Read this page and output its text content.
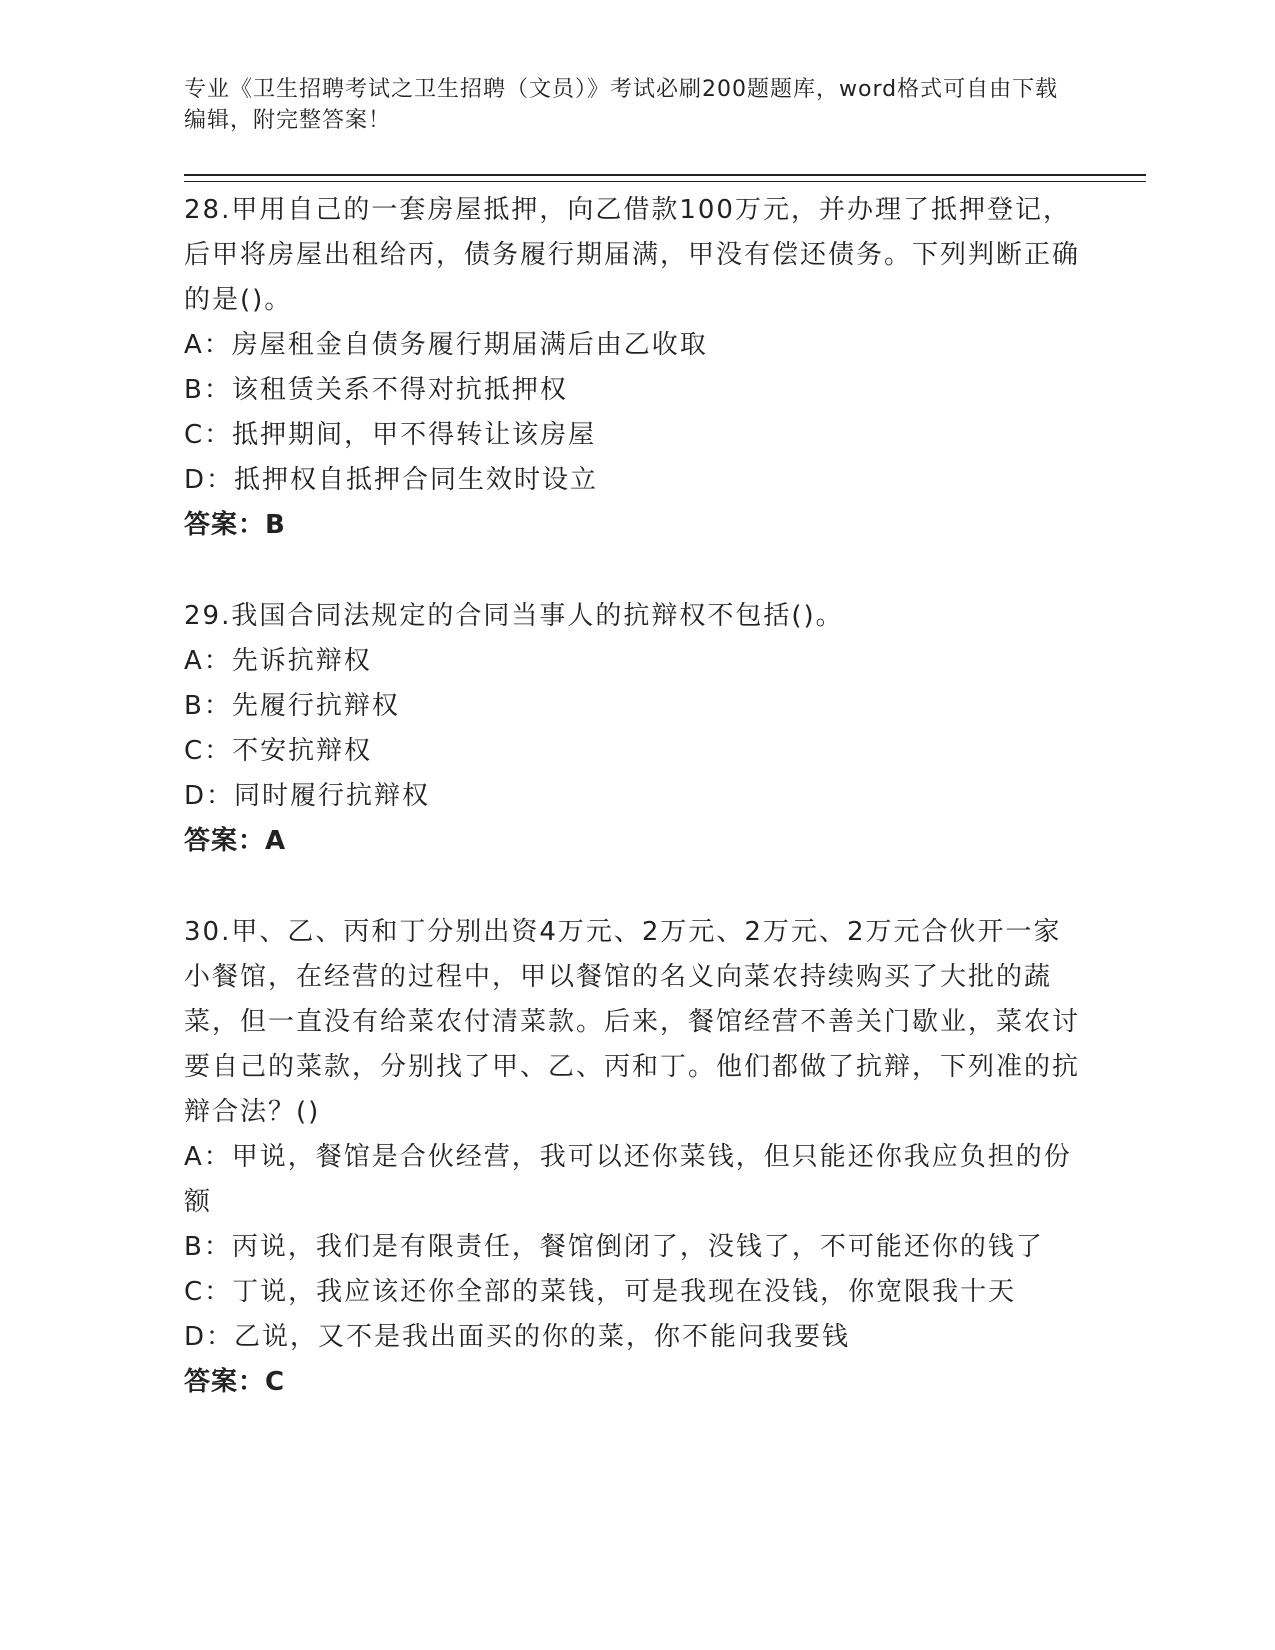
专业《卫生招聘考试之卫生招聘（文员）》考试必刷200题题库，word格式可自由下载编辑，附完整答案！

28.甲用自己的一套房屋抵押，向乙借款100万元，并办理了抵押登记，后甲将房屋出租给丙，债务履行期届满，甲没有偿还债务。下列判断正确的是()。

A：房屋租金自债务履行期届满后由乙收取

B：该租赁关系不得对抗抵押权

C：抵押期间，甲不得转让该房屋

D：抵押权自抵押合同生效时设立

答案：B

29.我国合同法规定的合同当事人的抗辩权不包括()。

A：先诉抗辩权

B：先履行抗辩权

C：不安抗辩权

D：同时履行抗辩权

答案：A

30.甲、乙、丙和丁分别出资4万元、2万元、2万元、2万元合伙开一家小餐馆，在经营的过程中，甲以餐馆的名义向菜农持续购买了大批的蔬菜，但一直没有给菜农付清菜款。后来，餐馆经营不善关门歇业，菜农讨要自己的菜款，分别找了甲、乙、丙和丁。他们都做了抗辩，下列准的抗辩合法？()

A：甲说，餐馆是合伙经营，我可以还你菜钱，但只能还你我应负担的份额

B：丙说，我们是有限责任，餐馆倒闭了，没钱了，不可能还你的钱了

C：丁说，我应该还你全部的菜钱，可是我现在没钱，你宽限我十天

D：乙说，又不是我出面买的你的菜，你不能问我要钱

答案：C
